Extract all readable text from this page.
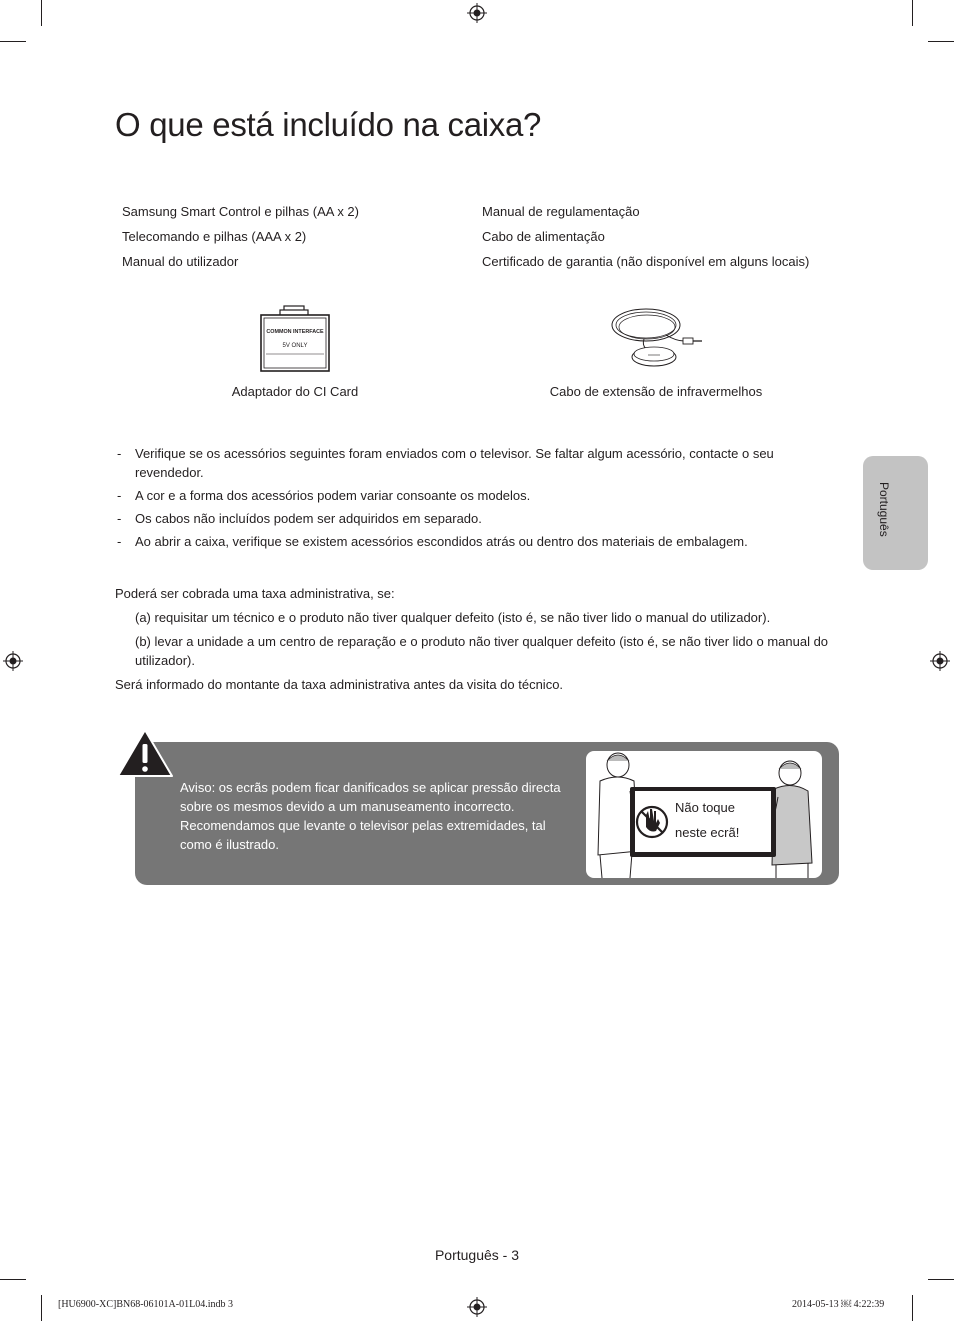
O que está incluído na caixa?
Samsung Smart Control e pilhas (AA x 2)
Telecomando e pilhas (AAA x 2)
Manual do utilizador
Manual de regulamentação
Cabo de alimentação
Certificado de garantia (não disponível em alguns locais)
COMMON INTERFACE
5V ONLY
Adaptador do CI Card	Cabo de extensão de infravermelhos
- Verifique se os acessórios seguintes foram enviados com o televisor. Se faltar algum acessório, contacte o seu revendedor.
- A cor e a forma dos acessórios podem variar consoante os modelos.
- Os cabos não incluídos podem ser adquiridos em separado.
- Ao abrir a caixa, verifique se existem acessórios escondidos atrás ou dentro dos materiais de embalagem.
Poderá ser cobrada uma taxa administrativa, se:
(a) requisitar um técnico e o produto não tiver qualquer defeito (isto é, se não tiver lido o manual do utilizador).
(b) levar a unidade a um centro de reparação e o produto não tiver qualquer defeito (isto é, se não tiver lido o manual do utilizador).
Será informado do montante da taxa administrativa antes da visita do técnico.
Português
Aviso: os ecrãs podem ficar danificados se aplicar pressão directa sobre os mesmos devido a um manuseamento incorrecto. Recomendamos que levante o televisor pelas extremidades, tal como é ilustrado.
Não toque
neste ecrã!
Português - 3
[HU6900-XC]BN68-06101A-01L04.indb 3	2014-05-13 ￼ 4:22:39
